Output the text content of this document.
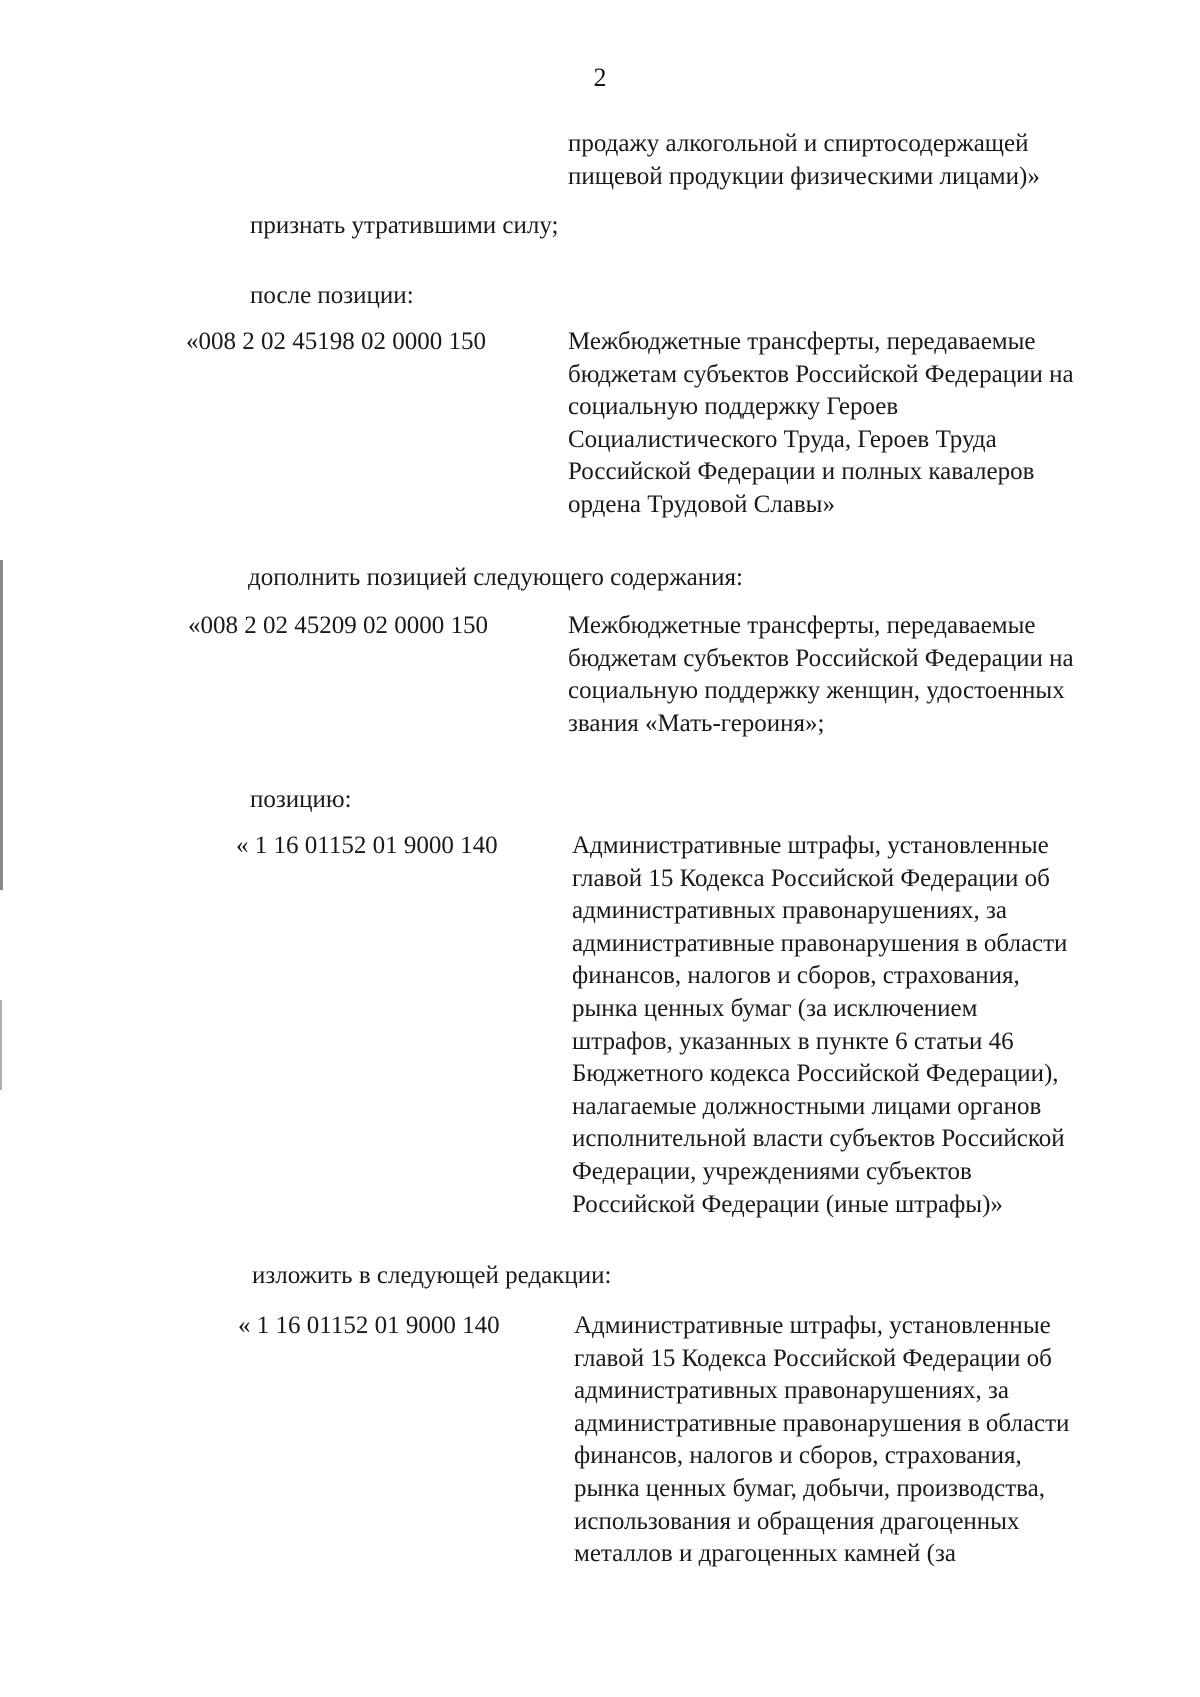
2
продажу алкогольной и спиртосодержащей
пищевой продукции физическими лицами)»
признать утратившими силу;
после позиции:
«008 2 02 45198 02 0000 150	Межбюджетные трансферты, передаваемые
бюджетам субъектов Российской Федерации на
социальную поддержку Героев
Социалистического Труда, Героев Труда
Российской Федерации и полных кавалеров
ордена Трудовой Славы»
дополнить позицией следующего содержания:
«008 2 02 45209 02 0000 150	Межбюджетные трансферты, передаваемые
бюджетам субъектов Российской Федерации на
социальную поддержку женщин, удостоенных
звания «Мать-героиня»;
позицию:
« 1 16 01152 01 9000 140	Административные штрафы, установленные
главой 15 Кодекса Российской Федерации об
административных правонарушениях, за
административные правонарушения в области
финансов, налогов и сборов, страхования,
рынка ценных бумаг (за исключением
штрафов, указанных в пункте 6 статьи 46
Бюджетного кодекса Российской Федерации),
налагаемые должностными лицами органов
исполнительной власти субъектов Российской
Федерации, учреждениями субъектов
Российской Федерации (иные штрафы)»
изложить в следующей редакции:
« 1 16 01152 01 9000 140	Административные штрафы, установленные
главой 15 Кодекса Российской Федерации об
административных правонарушениях, за
административные правонарушения в области
финансов, налогов и сборов, страхования,
рынка ценных бумаг, добычи, производства,
использования и обращения драгоценных
металлов и драгоценных камней (за
